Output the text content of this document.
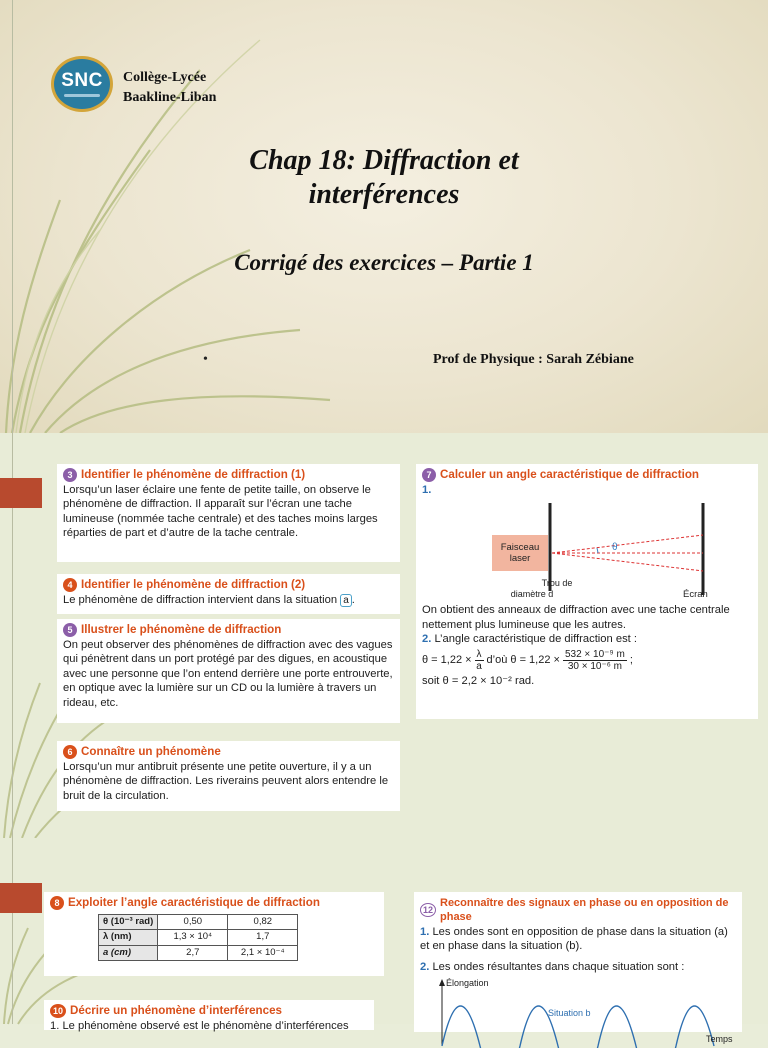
SNC Collège-Lycée
Baakline-Liban
Chap 18: Diffraction et
interférences
Corrigé des exercices – Partie 1
•	Prof de Physique : Sarah Zébiane
3 Identifier le phénomène de diffraction (1)
Lorsqu’un laser éclaire une fente de petite taille, on observe le phénomène de diffraction. Il apparaît sur l’écran une tache lumineuse (nommée tache centrale) et des taches moins larges réparties de part et d’autre de la tache centrale.
4 Identifier le phénomène de diffraction (2)
Le phénomène de diffraction intervient dans la situation a .
5 Illustrer le phénomène de diffraction
On peut observer des phénomènes de diffraction avec des vagues qui pénètrent dans un port protégé par des digues, en acoustique avec une personne que l’on entend derrière une porte entrouverte, en optique avec la lumière sur un CD ou la lumière à travers un rideau, etc.
6 Connaître un phénomène
Lorsqu’un mur antibruit présente une petite ouverture, il y a un phénomène de diffraction. Les riverains peuvent alors entendre le bruit de la circulation.
7 Calculer un angle caractéristique de diffraction
1.
Faisceau laser
θ
Trou de diamètre d	Écran
On obtient des anneaux de diffraction avec une tache centrale nettement plus lumineuse que les autres.
2. L’angle caractéristique de diffraction est :
$\theta = 1,22 \times \frac{\lambda}{a}$ d’où $\theta = 1,22 \times \frac{\text{532 × 10⁻⁹ m}}{\text{30 × 10⁻⁶ m}}$ ;
soit θ = 2,2 × 10⁻² rad.
8 Exploiter l’angle caractéristique de diffraction
θ (10⁻³ rad)	0,50	0,82
λ (nm)	1,3 × 10⁴	1,7
a (cm)	2,7	2,1 × 10⁻⁴
10 Décrire un phénomène d’interférences
1. Le phénomène observé est le phénomène d’interférences
12
Reconnaître des signaux en phase ou en opposition de phase
1. Les ondes sont en opposition de phase dans la situation (a) et en phase dans la situation (b).
2. Les ondes résultantes dans chaque situation sont :
Élongation
Situation b
Temps
